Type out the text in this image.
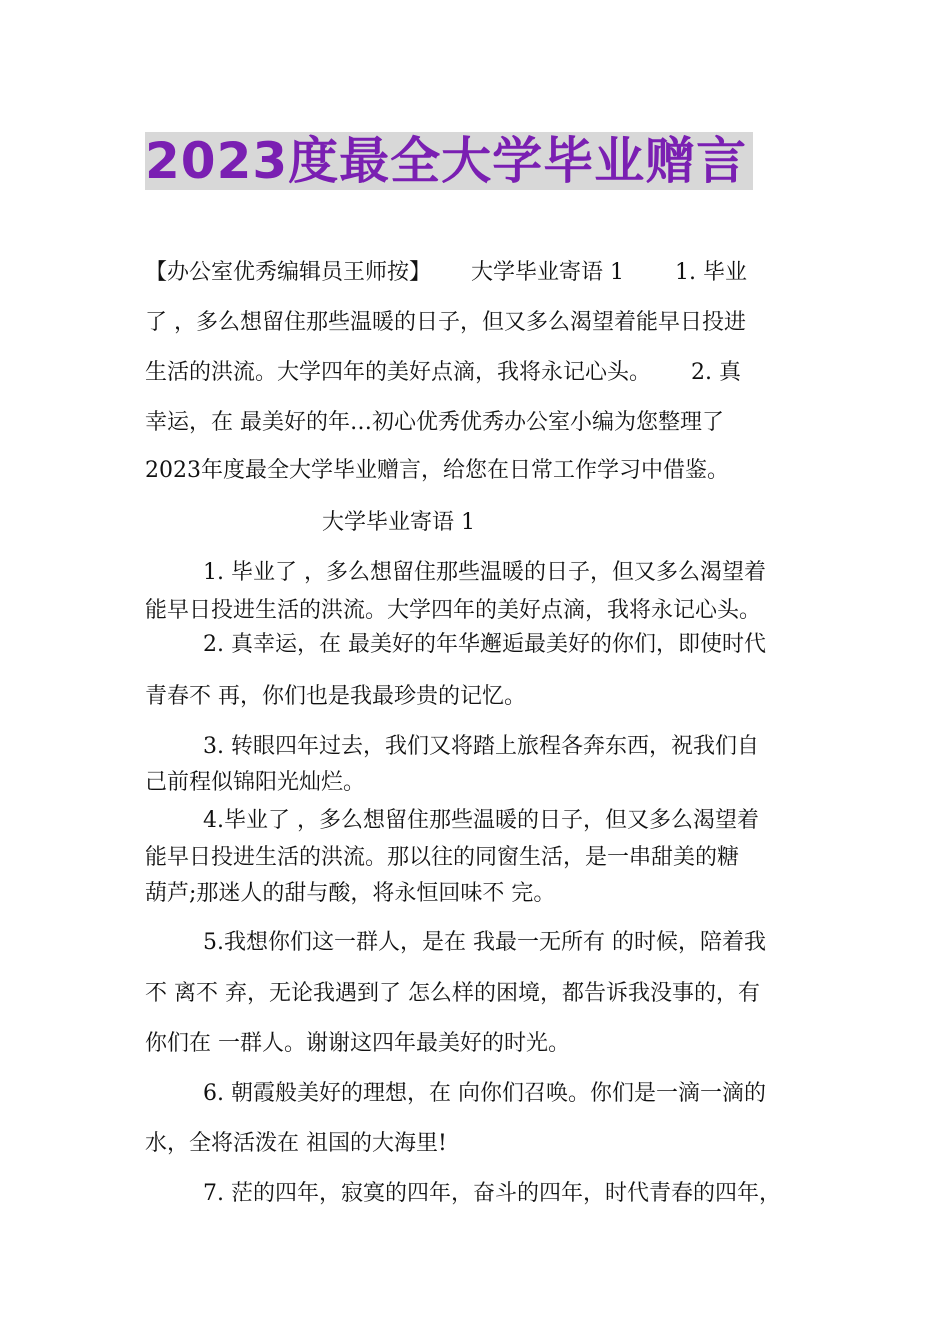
2023度最全大学毕业赠言
【办公室优秀编辑员王师按】　　 大学毕业寄语 1　　 1. 毕业
了 ，多么想留住那些温暖的日子，但又多么渴望着能早日投进
生活的洪流。大学四年的美好点滴，我将永记心头。　　 2. 真
幸运，在 最美好的年…初心优秀优秀办公室小编为您整理了
2023年度最全大学毕业赠言，给您在日常工作学习中借鉴。
大学毕业寄语 1
1. 毕业了 ，多么想留住那些温暖的日子，但又多么渴望着
能早日投进生活的洪流。大学四年的美好点滴，我将永记心头。
2. 真幸运，在 最美好的年华邂逅最美好的你们，即使时代
青春不 再，你们也是我最珍贵的记忆。
3. 转眼四年过去，我们又将踏上旅程各奔东西，祝我们自
己前程似锦阳光灿烂。
4.毕业了 ，多么想留住那些温暖的日子，但又多么渴望着
能早日投进生活的洪流。那以往的同窗生活，是一串甜美的糖
葫芦;那迷人的甜与酸，将永恒回味不 完。
5.我想你们这一群人，是在 我最一无所有 的时候，陪着我
不 离不 弃，无论我遇到了 怎么样的困境，都告诉我没事的，有
你们在 一群人。谢谢这四年最美好的时光。
6. 朝霞般美好的理想，在 向你们召唤。你们是一滴一滴的
水，全将活泼在 祖国的大海里!
7. 茫的四年，寂寞的四年，奋斗的四年，时代青春的四年，
